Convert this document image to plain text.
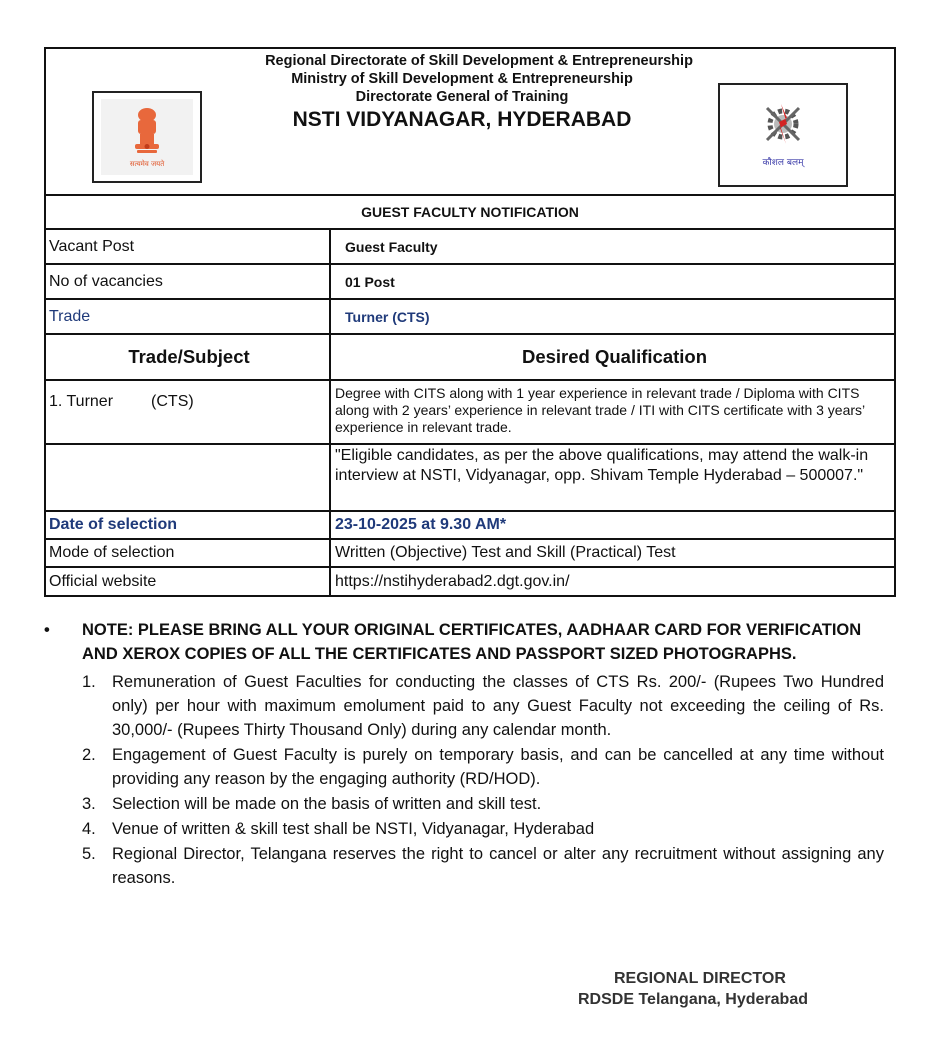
सत्यमेव जयते
Regional Directorate of Skill Development & Entrepreneurship
Ministry of Skill Development & Entrepreneurship
Directorate General of Training
NSTI VIDYANAGAR, HYDERABAD
कौशल बलम्
GUEST FACULTY NOTIFICATION
Vacant Post	Guest Faculty
No of vacancies	01 Post
Trade	Turner (CTS)
Trade/Subject	Desired Qualification
1. Turner (CTS)	Degree with CITS along with 1 year experience in relevant trade / Diploma with CITS along with 2 years’ experience in relevant trade / ITI with CITS certificate with 3 years’ experience in relevant trade.
"Eligible candidates, as per the above qualifications, may attend the walk-in interview at NSTI, Vidyanagar, opp. Shivam Temple Hyderabad – 500007."
Date of selection	23-10-2025 at 9.30 AM*
Mode of selection	Written (Objective) Test and Skill (Practical) Test
Official website	https://nstihyderabad2.dgt.gov.in/
• NOTE: PLEASE BRING ALL YOUR ORIGINAL CERTIFICATES, AADHAAR CARD FOR VERIFICATION AND XEROX COPIES OF ALL THE CERTIFICATES AND PASSPORT SIZED PHOTOGRAPHS.
1. Remuneration of Guest Faculties for conducting the classes of CTS Rs. 200/- (Rupees Two Hundred only) per hour with maximum emolument paid to any Guest Faculty not exceeding the ceiling of Rs. 30,000/- (Rupees Thirty Thousand Only) during any calendar month.
2. Engagement of Guest Faculty is purely on temporary basis, and can be cancelled at any time without providing any reason by the engaging authority (RD/HOD).
3. Selection will be made on the basis of written and skill test.
4. Venue of written & skill test shall be NSTI, Vidyanagar, Hyderabad
5. Regional Director, Telangana reserves the right to cancel or alter any recruitment without assigning any reasons.
REGIONAL DIRECTOR
RDSDE Telangana, Hyderabad
